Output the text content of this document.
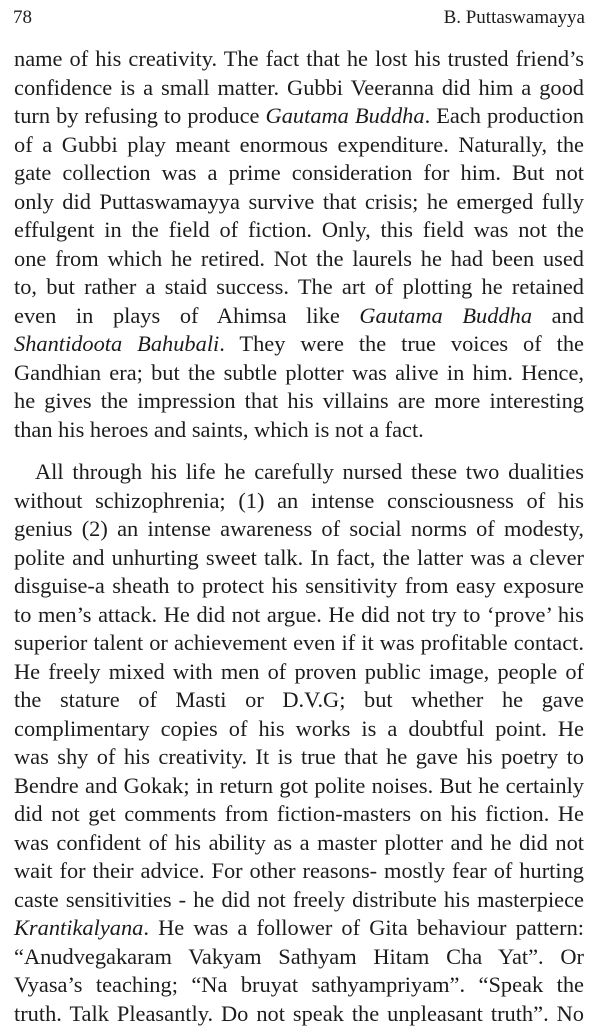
78	B. Puttaswamayya
name of his creativity. The fact that he lost his trusted friend’s
confidence is a small matter. Gubbi Veeranna did him a good
turn by refusing to produce Gautama Buddha. Each production
of a Gubbi play meant enormous expenditure. Naturally, the
gate collection was a prime consideration for him. But not
only did Puttaswamayya survive that crisis; he emerged fully
effulgent in the field of fiction. Only, this field was not the
one from which he retired. Not the laurels he had been used
to, but rather a staid success. The art of plotting he retained
even in plays of Ahimsa like Gautama Buddha and
Shantidoota Bahubali. They were the true voices of the
Gandhian era; but the subtle plotter was alive in him. Hence,
he gives the impression that his villains are more interesting
than his heroes and saints, which is not a fact.
All through his life he carefully nursed these two dualities
without schizophrenia; (1) an intense consciousness of his
genius (2) an intense awareness of social norms of modesty,
polite and unhurting sweet talk. In fact, the latter was a clever
disguise-a sheath to protect his sensitivity from easy exposure
to men’s attack. He did not argue. He did not try to ‘prove’ his
superior talent or achievement even if it was profitable contact.
He freely mixed with men of proven public image, people of
the stature of Masti or D.V.G; but whether he gave
complimentary copies of his works is a doubtful point. He
was shy of his creativity. It is true that he gave his poetry to
Bendre and Gokak; in return got polite noises. But he certainly
did not get comments from fiction-masters on his fiction. He
was confident of his ability as a master plotter and he did not
wait for their advice. For other reasons- mostly fear of hurting
caste sensitivities - he did not freely distribute his masterpiece
Krantikalyana. He was a follower of Gita behaviour pattern:
“Anudvegakaram Vakyam Sathyam Hitam Cha Yat”. Or
Vyasa’s teaching; “Na bruyat sathyampriyam”. “Speak the
truth. Talk Pleasantly. Do not speak the unpleasant truth”. No
